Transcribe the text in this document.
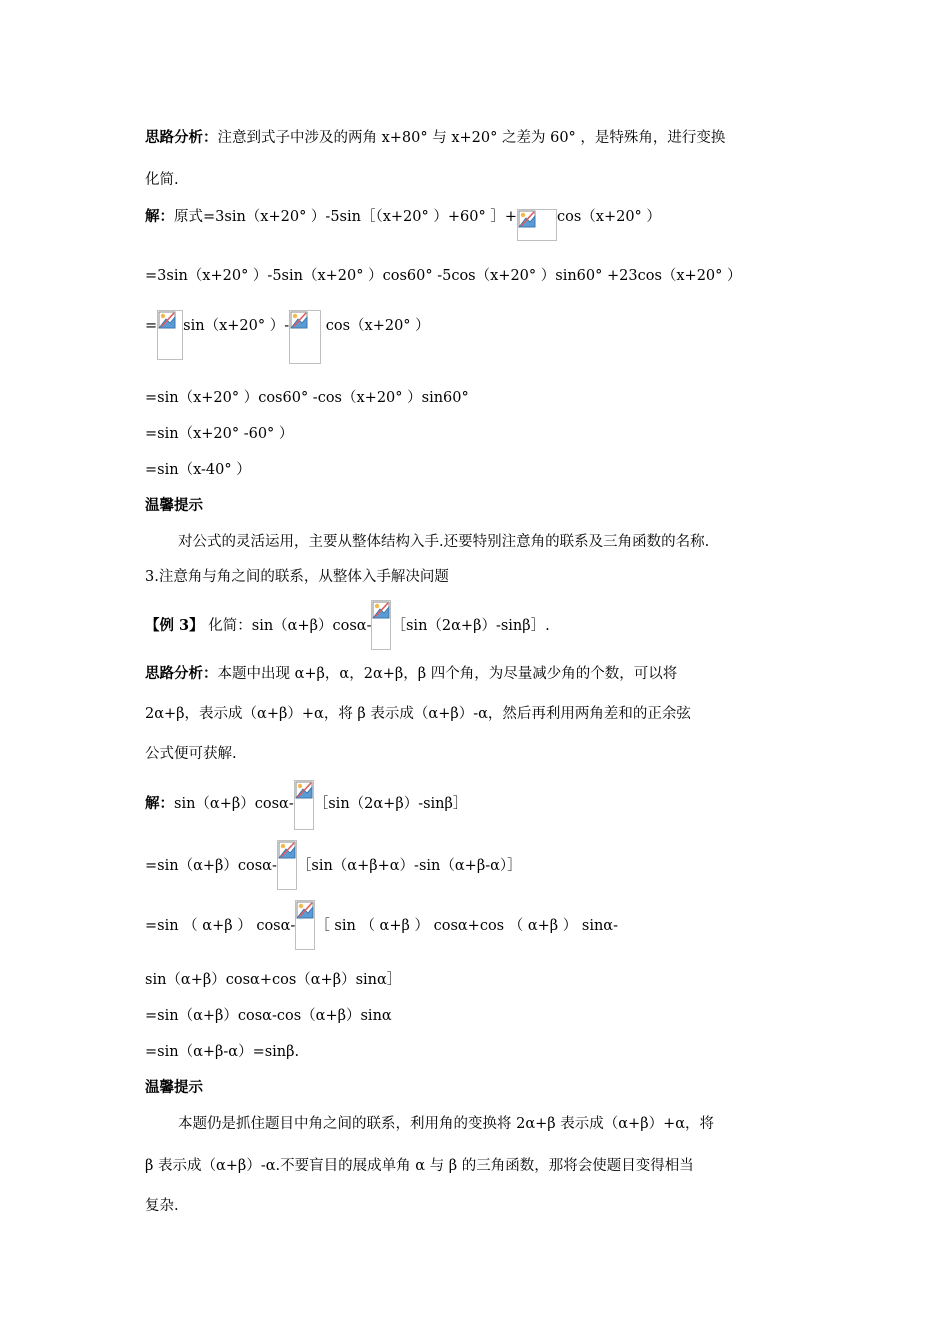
思路分析：注意到式子中涉及的两角 x+80° 与 x+20° 之差为 60° ，是特殊角，进行变换
化简.
解：原式=3sin（x+20° ）-5sin［（x+20° ）+60° ］+	cos（x+20° ）
=3sin（x+20° ）-5sin（x+20° ）cos60° -5cos（x+20° ）sin60° +23cos（x+20° ）
= sin（x+20° ）-
cos（x+20° ）
=sin（x+20° ）cos60° -cos（x+20° ）sin60°
=sin（x+20° -60° ）
=sin（x-40° ）
温馨提示
对公式的灵活运用，主要从整体结构入手.还要特别注意角的联系及三角函数的名称.
3.注意角与角之间的联系，从整体入手解决问题
【例 3】 化简：sin（α+β）cosα- ［sin（2α+β）-sinβ］.
思路分析：本题中出现 α+β，α，2α+β，β 四个角，为尽量减少角的个数，可以将
2α+β，表示成（α+β）+α，将 β 表示成（α+β）-α，然后再利用两角差和的正余弦
公式便可获解.
解：sin（α+β）cosα- ［sin（2α+β）-sinβ］
=sin（α+β）cosα- ［sin（α+β+α）-sin（α+β-α）］
=sin （ α+β ） cosα- ［ sin （ α+β ） cosα+cos （ α+β ） sinα-
sin（α+β）cosα+cos（α+β）sinα］
=sin（α+β）cosα-cos（α+β）sinα
=sin（α+β-α）=sinβ.
温馨提示
本题仍是抓住题目中角之间的联系，利用角的变换将 2α+β 表示成（α+β）+α，将
β 表示成（α+β）-α.不要盲目的展成单角 α 与 β 的三角函数，那将会使题目变得相当
复杂.
